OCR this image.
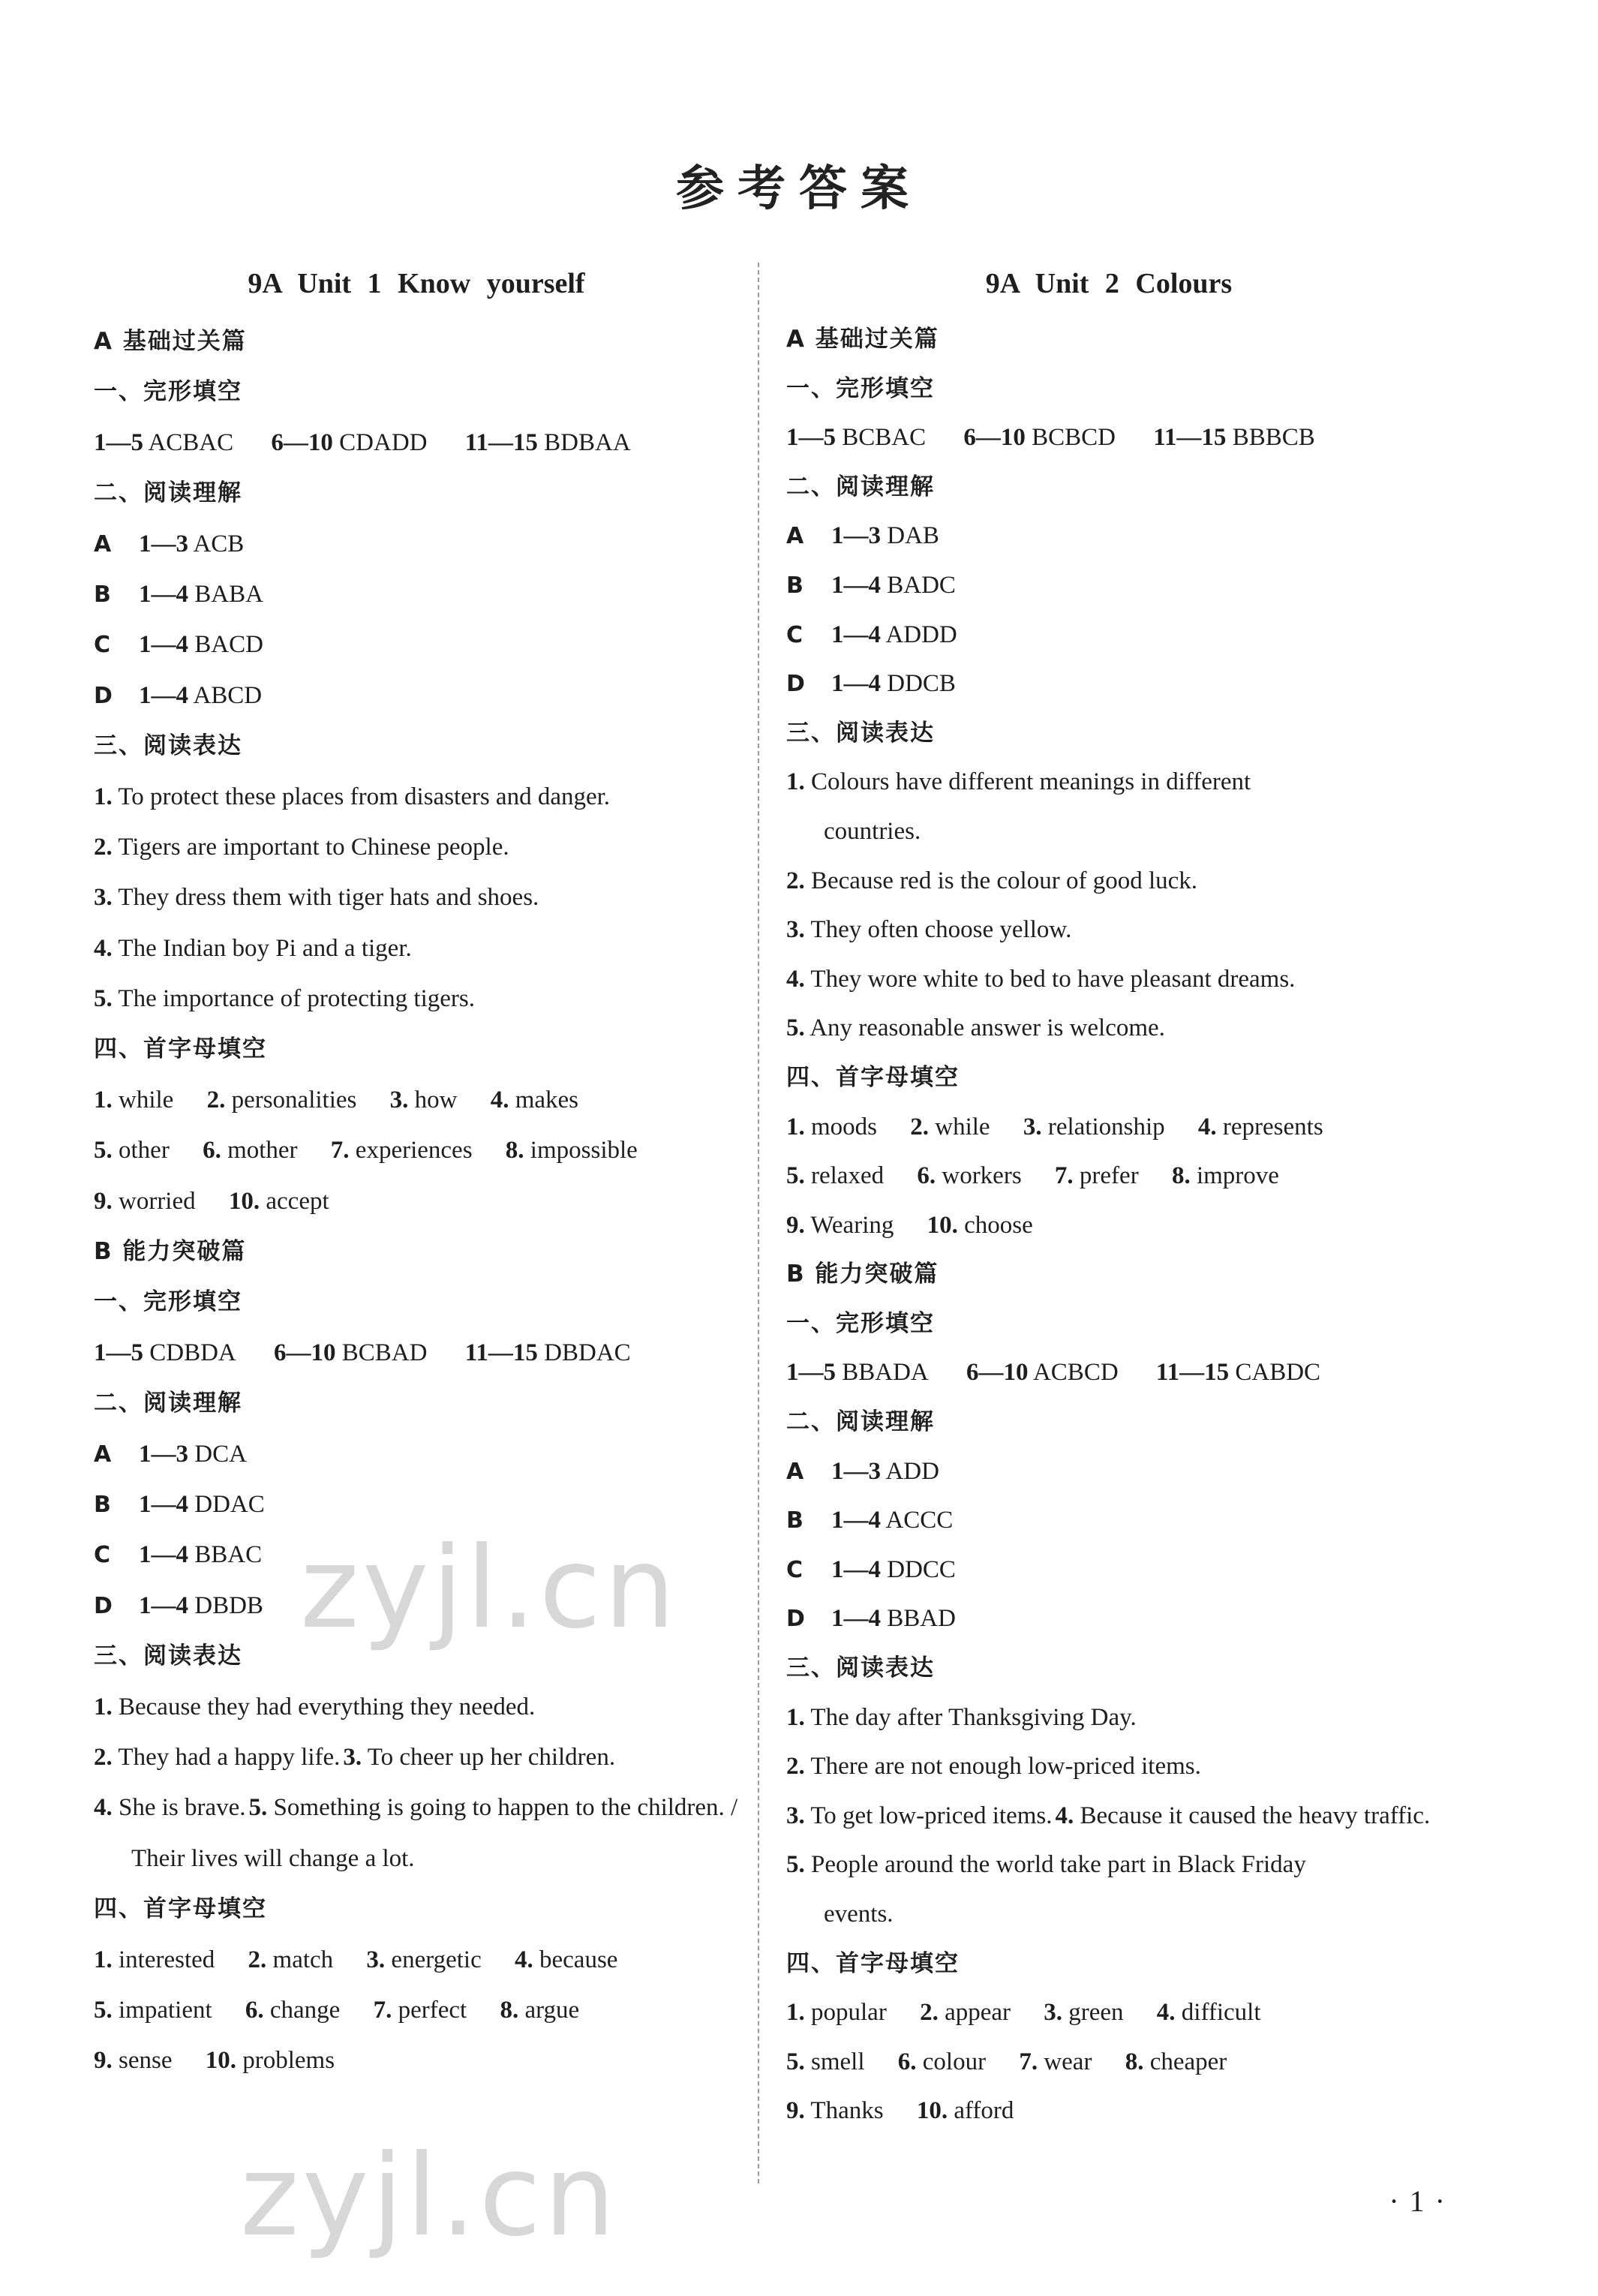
参考答案
9A Unit 1 Know yourself
A 基础过关篇
一、完形填空
1—5 ACBAC 6—10 CDADD 11—15 BDBAA
二、阅读理解
A 1—3 ACB
B 1—4 BABA
C 1—4 BACD
D 1—4 ABCD
三、阅读表达
1. To protect these places from disasters and danger. 2. Tigers are important to Chinese people. 3. They dress them with tiger hats and shoes. 4. The Indian boy Pi and a tiger. 5. The importance of protecting tigers.
四、首字母填空
1. while 2. personalities 3. how 4. makes 5. other 6. mother 7. experiences 8. impossible 9. worried 10. accept
B 能力突破篇
一、完形填空
1—5 CDBDA 6—10 BCBAD 11—15 DBDAC
二、阅读理解
A 1—3 DCA
B 1—4 DDAC
C 1—4 BBAC
D 1—4 DBDB
三、阅读表达
1. Because they had everything they needed. 2. They had a happy life. 3. To cheer up her children. 4. She is brave. 5. Something is going to happen to the children. /
Their lives will change a lot.
四、首字母填空
1. interested 2. match 3. energetic 4. because 5. impatient 6. change 7. perfect 8. argue 9. sense 10. problems
9A Unit 2 Colours
A 基础过关篇
一、完形填空
1—5 BCBAC 6—10 BCBCD 11—15 BBBCB
二、阅读理解
A 1—3 DAB
B 1—4 BADC
C 1—4 ADDD
D 1—4 DDCB
三、阅读表达
1. Colours have different meanings in different
countries.
2. Because red is the colour of good luck. 3. They often choose yellow. 4. They wore white to bed to have pleasant dreams. 5. Any reasonable answer is welcome.
四、首字母填空
1. moods 2. while 3. relationship 4. represents 5. relaxed 6. workers 7. prefer 8. improve 9. Wearing 10. choose
B 能力突破篇
一、完形填空
1—5 BBADA 6—10 ACBCD 11—15 CABDC
二、阅读理解
A 1—3 ADD
B 1—4 ACCC
C 1—4 DDCC
D 1—4 BBAD
三、阅读表达
1. The day after Thanksgiving Day. 2. There are not enough low-priced items. 3. To get low-priced items. 4. Because it caused the heavy traffic. 5. People around the world take part in Black Friday
events.
四、首字母填空
1. popular 2. appear 3. green 4. difficult 5. smell 6. colour 7. wear 8. cheaper 9. Thanks 10. afford
·1·
zyjl.cn
zyjl.cn
